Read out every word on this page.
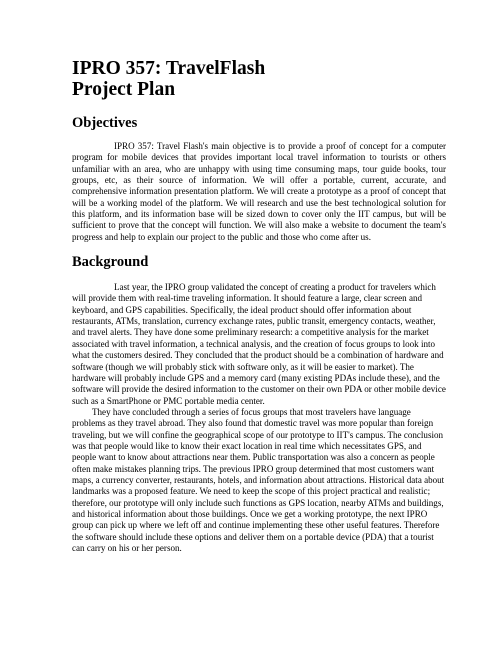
IPRO 357: TravelFlash
Project Plan
Objectives

IPRO 357: Travel Flash's main objective is to provide a proof of concept for a computer program for mobile devices that provides important local travel information to tourists or others unfamiliar with an area, who are unhappy with using time consuming maps, tour guide books, tour groups, etc, as their source of information. We will offer a portable, current, accurate, and comprehensive information presentation platform. We will create a prototype as a proof of concept that will be a working model of the platform. We will research and use the best technological solution for this platform, and its information base will be sized down to cover only the IIT campus, but will be sufficient to prove that the concept will function. We will also make a website to document the team's progress and help to explain our project to the public and those who come after us.

Background

Last year, the IPRO group validated the concept of creating a product for travelers which will provide them with real-time traveling information. It should feature a large, clear screen and keyboard, and GPS capabilities. Specifically, the ideal product should offer information about restaurants, ATMs, translation, currency exchange rates, public transit, emergency contacts, weather, and travel alerts. They have done some preliminary research: a competitive analysis for the market associated with travel information, a technical analysis, and the creation of focus groups to look into what the customers desired. They concluded that the product should be a combination of hardware and software (though we will probably stick with software only, as it will be easier to market). The hardware will probably include GPS and a memory card (many existing PDAs include these), and the software will provide the desired information to the customer on their own PDA or other mobile device such as a SmartPhone or PMC portable media center.

They have concluded through a series of focus groups that most travelers have language problems as they travel abroad. They also found that domestic travel was more popular than foreign traveling, but we will confine the geographical scope of our prototype to IIT's campus. The conclusion was that people would like to know their exact location in real time which necessitates GPS, and people want to know about attractions near them. Public transportation was also a concern as people often make mistakes planning trips. The previous IPRO group determined that most customers want maps, a currency converter, restaurants, hotels, and information about attractions. Historical data about landmarks was a proposed feature. We need to keep the scope of this project practical and realistic; therefore, our prototype will only include such functions as GPS location, nearby ATMs and buildings, and historical information about those buildings. Once we get a working prototype, the next IPRO group can pick up where we left off and continue implementing these other useful features. Therefore the software should include these options and deliver them on a portable device (PDA) that a tourist can carry on his or her person.
